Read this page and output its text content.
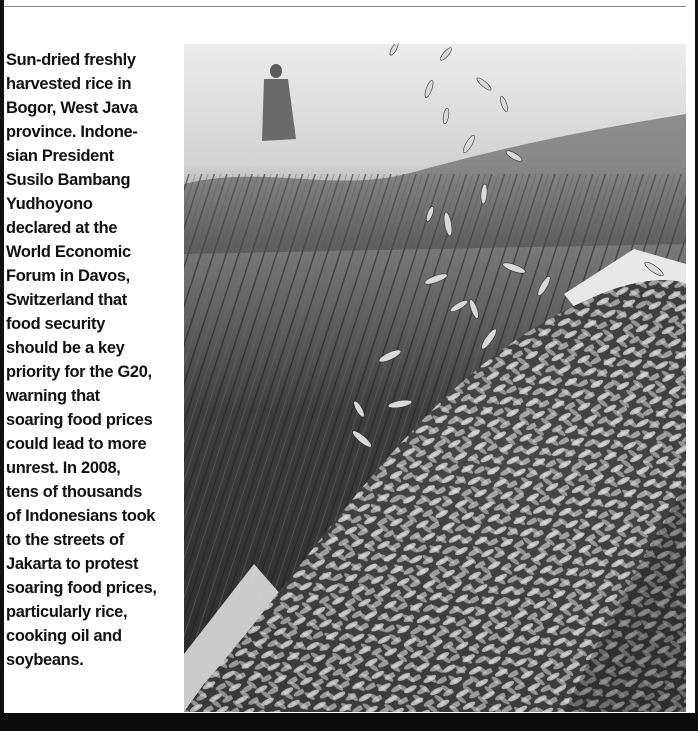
Sun-dried freshly
harvested rice in
Bogor, West Java
province. Indone-
sian President
Susilo Bambang
Yudhoyono
declared at the
World Economic
Forum in Davos,
Switzerland that
food security
should be a key
priority for the G20,
warning that
soaring food prices
could lead to more
unrest. In 2008,
tens of thousands
of Indonesians took
to the streets of
Jakarta to protest
soaring food prices,
particularly rice,
cooking oil and
soybeans.
